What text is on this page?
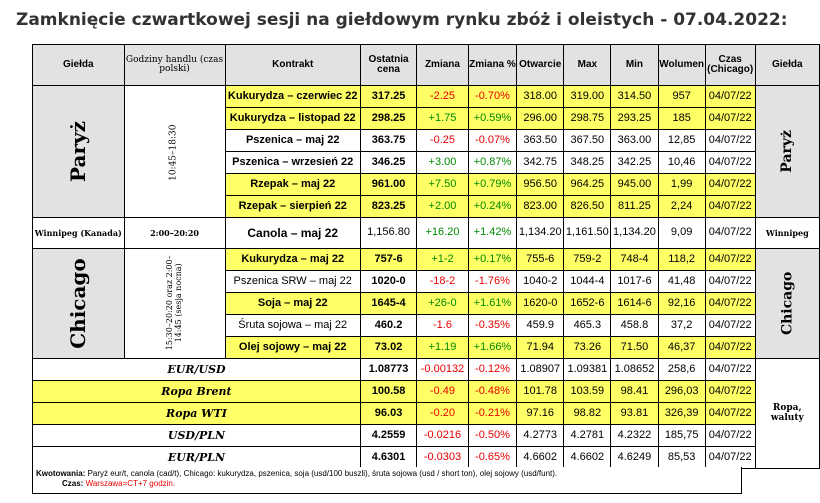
Zamknięcie czwartkowej sesji na giełdowym rynku zbóż i oleistych - 07.04.2022:
Giełda	Godziny handlu (czas polski)	Kontrakt	Ostatnia cena	Zmiana	Zmiana %	Otwarcie	Max	Min	Wolumen	Czas (Chicago)	Giełda
Paryż	10:45–18:30	Kukurydza – czerwiec 22	317.25	-2.25	-0.70%	318.00	319.00	314.50	957	04/07/22	Paryż
		Kukurydza – listopad 22	298.25	+1.75	+0.59%	296.00	298.75	293.25	185	04/07/22	
		Pszenica – maj 22	363.75	-0.25	-0.07%	363.50	367.50	363.00	12,85	04/07/22	
		Pszenica – wrzesień 22	346.25	+3.00	+0.87%	342.75	348.25	342.25	10,46	04/07/22	
		Rzepak – maj 22	961.00	+7.50	+0.79%	956.50	964.25	945.00	1,99	04/07/22	
		Rzepak – sierpień 22	823.25	+2.00	+0.24%	823.00	826.50	811.25	2,24	04/07/22	
Winnipeg (Kanada)	2:00–20:20	Canola – maj 22	1,156.80	+16.20	+1.42%	1,134.20	1,161.50	1,134.20	9,09	04/07/22	Winnipeg
Chicago	15:30–20:20 oraz 2:00–14:45 (sesja nocna)	Kukurydza – maj 22	757-6	+1-2	+0.17%	755-6	759-2	748-4	118,2	04/07/22	Chicago
		Pszenica SRW – maj 22	1020-0	-18-2	-1.76%	1040-2	1044-4	1017-6	41,48	04/07/22	
		Soja – maj 22	1645-4	+26-0	+1.61%	1620-0	1652-6	1614-6	92,16	04/07/22	
		Śruta sojowa – maj 22	460.2	-1.6	-0.35%	459.9	465.3	458.8	37,2	04/07/22	
		Olej sojowy – maj 22	73.02	+1.19	+1.66%	71.94	73.26	71.50	46,37	04/07/22	
EUR/USD			1.08773	-0.00132	-0.12%	1.08907	1.09381	1.08652	258,6	04/07/22	Ropa, waluty
Ropa Brent			100.58	-0.49	-0.48%	101.78	103.59	98.41	296,03	04/07/22	
Ropa WTI			96.03	-0.20	-0.21%	97.16	98.82	93.81	326,39	04/07/22	
USD/PLN			4.2559	-0.0216	-0.50%	4.2773	4.2781	4.2322	185,75	04/07/22	
EUR/PLN			4.6301	-0.0303	-0.65%	4.6602	4.6602	4.6249	85,53	04/07/22	
Kwotowania: Paryż eur/t, canola (cad/t), Chicago: kukurydza, pszenica, soja (usd/100 buszli), śruta sojowa (usd / short ton), olej sojowy (usd/funt).
Czas: Warszawa=CT+7 godzin.
